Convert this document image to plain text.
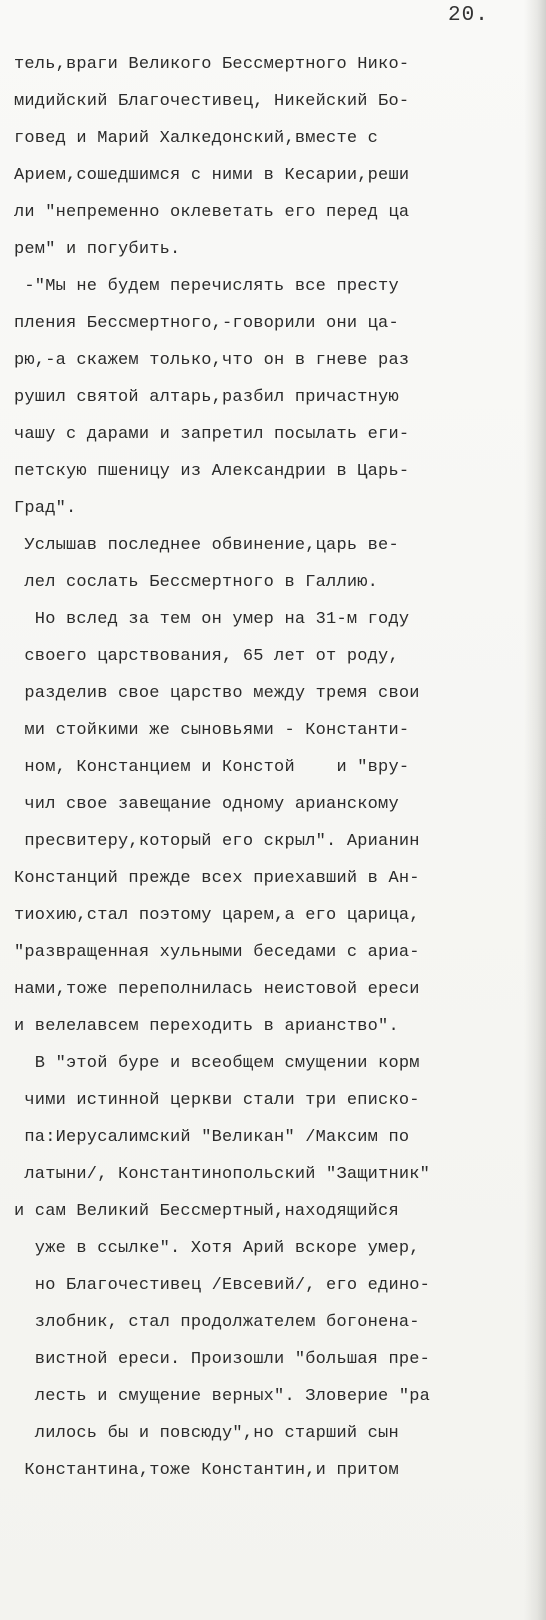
20.
тель,враги Великого Бессмертного Нико-
мидийский Благочестивец, Никейский Бо-
говед и Марий Халкедонский,вместе с
Арием,сошедшимся с ними в Кесарии,реши
ли "непременно оклеветать его перед ца
рем" и погубить.
-"Мы не будем перечислять все престу
пления Бессмертного,-говорили они ца-
рю,-а скажем только,что он в гневе раз
рушил святой алтарь,разбил причастную
чашу с дарами и запретил посылать еги-
петскую пшеницу из Александрии в Царь-
Град".
Услышав последнее обвинение,царь ве-
лел сослать Бессмертного в Галлию.
Но вслед за тем он умер на 31-м году
своего царствования, 65 лет от роду,
разделив свое царство между тремя свои
ми стойкими же сыновьями - Константи-
ном, Констанцием и Констой    и "вру-
чил свое завещание одному арианскому
пресвитеру,который его скрыл". Арианин
Констанций прежде всех приехавший в Ан-
тиохию,стал поэтому царем,а его царица,
"развращенная хульными беседами с ариа-
нами,тоже переполнилась неистовой ереси
и велелавсем переходить в арианство".
В "этой буре и всеобщем смущении корм
чими истинной церкви стали три еписко-
па:Иерусалимский "Великан" /Максим по
латыни/, Константинопольский "Защитник"
и сам Великий Бессмертный,находящийся
уже в ссылке". Хотя Арий вскоре умер,
но Благочестивец /Евсевий/, его едино-
злобник, стал продолжателем богонена-
вистной ереси. Произошли "большая пре-
лесть и смущение верных". Зловерие "ра
лилось бы и повсюду",но старший сын
Константина,тоже Константин,и притом
